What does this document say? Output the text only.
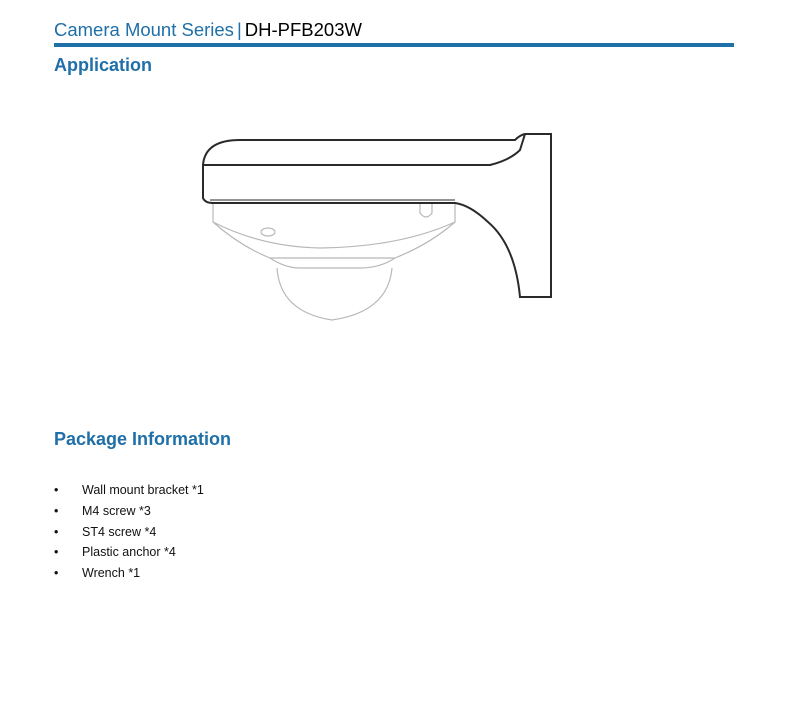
Camera Mount Series | DH-PFB203W
Application
Package Information
• Wall mount bracket *1
• M4 screw *3
• ST4 screw *4
• Plastic anchor *4
• Wrench *1
